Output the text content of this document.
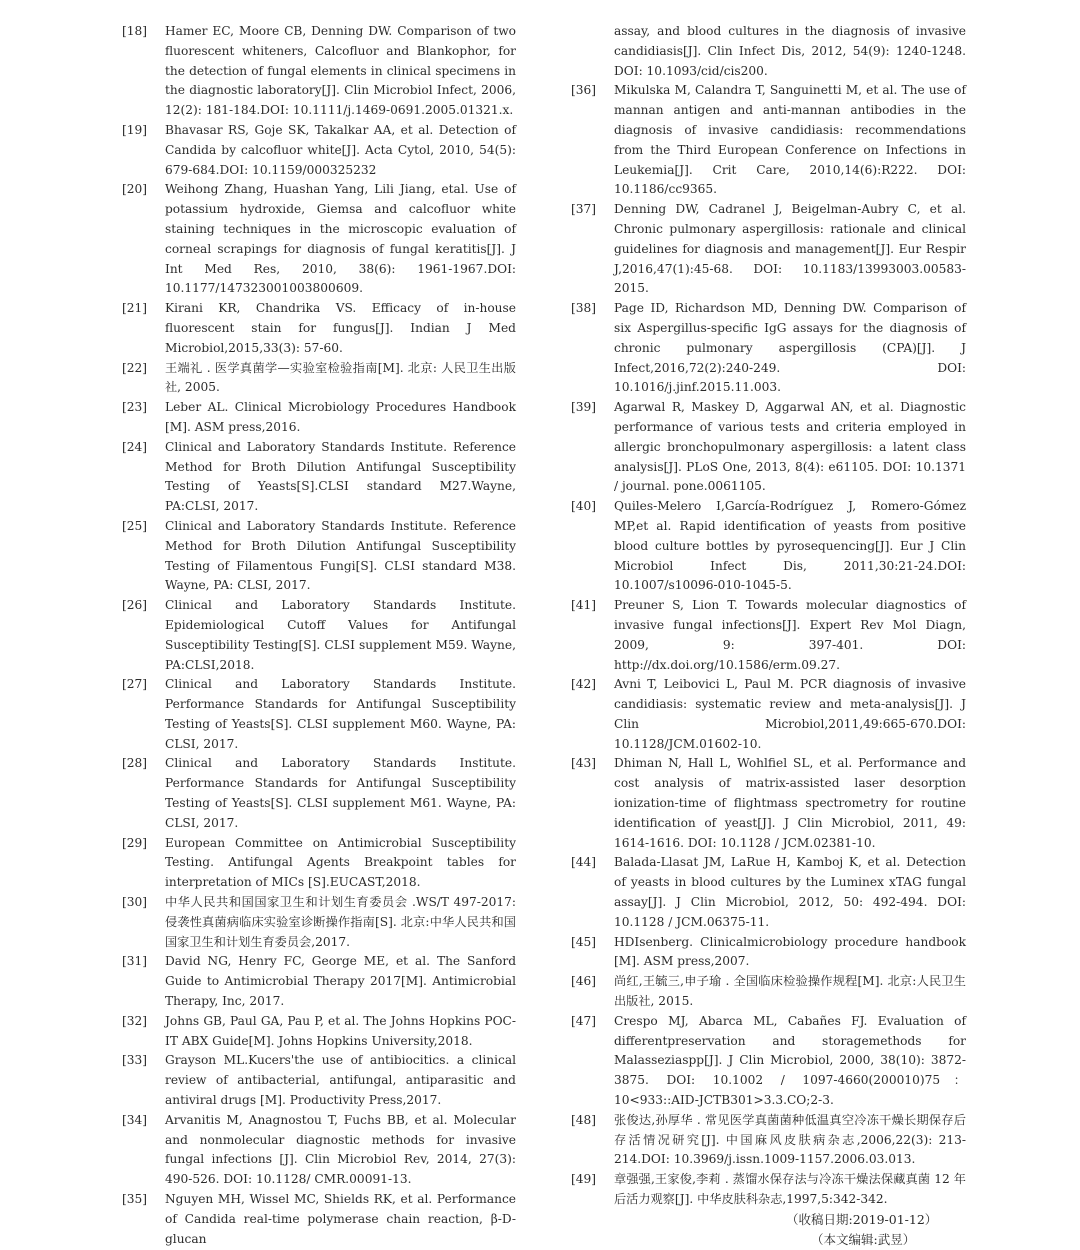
[18]	Hamer EC, Moore CB, Denning DW. Comparison of two fluorescent whiteners, Calcofluor and Blankophor, for the detection of fungal elements in clinical specimens in the diagnostic laboratory[J]. Clin Microbiol Infect, 2006, 12(2): 181-184.DOI: 10.1111/j.1469-0691.2005.01321.x.
[19]	Bhavasar RS, Goje SK, Takalkar AA, et al. Detection of Candida by calcofluor white[J]. Acta Cytol, 2010, 54(5): 679-684.DOI: 10.1159/000325232
[20]	Weihong Zhang, Huashan Yang, Lili Jiang, etal. Use of potassium hydroxide, Giemsa and calcofluor white staining techniques in the microscopic evaluation of corneal scrapings for diagnosis of fungal keratitis[J]. J Int Med Res, 2010, 38(6): 1961-1967.DOI: 10.1177/147323001003800609.
[21]	Kirani KR, Chandrika VS. Efficacy of in-house fluorescent stain for fungus[J]. Indian J Med Microbiol,2015,33(3): 57-60.
[22]	王端礼 . 医学真菌学—实验室检验指南[M]. 北京: 人民卫生出版社, 2005.
[23]	Leber AL. Clinical Microbiology Procedures Handbook [M]. ASM press,2016.
[24]	Clinical and Laboratory Standards Institute. Reference Method for Broth Dilution Antifungal Susceptibility Testing of Yeasts[S].CLSI standard M27.Wayne, PA:CLSI, 2017.
[25]	Clinical and Laboratory Standards Institute. Reference Method for Broth Dilution Antifungal Susceptibility Testing of Filamentous Fungi[S]. CLSI standard M38. Wayne, PA: CLSI, 2017.
[26]	Clinical and Laboratory Standards Institute. Epidemiological Cutoff Values for Antifungal Susceptibility Testing[S]. CLSI supplement M59. Wayne, PA:CLSI,2018.
[27]	Clinical and Laboratory Standards Institute. Performance Standards for Antifungal Susceptibility Testing of Yeasts[S]. CLSI supplement M60. Wayne, PA: CLSI, 2017.
[28]	Clinical and Laboratory Standards Institute. Performance Standards for Antifungal Susceptibility Testing of Yeasts[S]. CLSI supplement M61. Wayne, PA: CLSI, 2017.
[29]	European Committee on Antimicrobial Susceptibility Testing. Antifungal Agents Breakpoint tables for interpretation of MICs [S].EUCAST,2018.
[30]	中华人民共和国国家卫生和计划生育委员会 .WS/T 497-2017: 侵袭性真菌病临床实验室诊断操作指南[S]. 北京:中华人民共和国国家卫生和计划生育委员会,2017.
[31]	David NG, Henry FC, George ME, et al. The Sanford Guide to Antimicrobial Therapy 2017[M]. Antimicrobial Therapy, Inc, 2017.
[32]	Johns GB, Paul GA, Pau P, et al. The Johns Hopkins POC-IT ABX Guide[M]. Johns Hopkins University,2018.
[33]	Grayson ML.Kucers'the use of antibiocitics. a clinical review of antibacterial, antifungal, antiparasitic and antiviral drugs [M]. Productivity Press,2017.
[34]	Arvanitis M, Anagnostou T, Fuchs BB, et al. Molecular and nonmolecular diagnostic methods for invasive fungal infections [J]. Clin Microbiol Rev, 2014, 27(3): 490-526. DOI: 10.1128/ CMR.00091-13.
[35]	Nguyen MH, Wissel MC, Shields RK, et al. Performance of Candida real-time polymerase chain reaction, β-D-glucan
assay, and blood cultures in the diagnosis of invasive candidiasis[J]. Clin Infect Dis, 2012, 54(9): 1240-1248. DOI: 10.1093/cid/cis200.
[36]	Mikulska M, Calandra T, Sanguinetti M, et al. The use of mannan antigen and anti-mannan antibodies in the diagnosis of invasive candidiasis: recommendations from the Third European Conference on Infections in Leukemia[J]. Crit Care, 2010,14(6):R222. DOI: 10.1186/cc9365.
[37]	Denning DW, Cadranel J, Beigelman-Aubry C, et al. Chronic pulmonary aspergillosis: rationale and clinical guidelines for diagnosis and management[J]. Eur Respir J,2016,47(1):45-68. DOI: 10.1183/13993003.00583-2015.
[38]	Page ID, Richardson MD, Denning DW. Comparison of six Aspergillus-specific IgG assays for the diagnosis of chronic pulmonary aspergillosis (CPA)[J]. J Infect,2016,72(2):240-249. DOI: 10.1016/j.jinf.2015.11.003.
[39]	Agarwal R, Maskey D, Aggarwal AN, et al. Diagnostic performance of various tests and criteria employed in allergic bronchopulmonary aspergillosis: a latent class analysis[J]. PLoS One, 2013, 8(4): e61105. DOI: 10.1371 / journal. pone.0061105.
[40]	Quiles-Melero I,García-Rodríguez J, Romero-Gómez MP,et al. Rapid identification of yeasts from positive blood culture bottles by pyrosequencing[J]. Eur J Clin Microbiol Infect Dis, 2011,30:21-24.DOI: 10.1007/s10096-010-1045-5.
[41]	Preuner S, Lion T. Towards molecular diagnostics of invasive fungal infections[J]. Expert Rev Mol Diagn, 2009, 9: 397-401. DOI: http://dx.doi.org/10.1586/erm.09.27.
[42]	Avni T, Leibovici L, Paul M. PCR diagnosis of invasive candidiasis: systematic review and meta-analysis[J]. J Clin Microbiol,2011,49:665-670.DOI: 10.1128/JCM.01602-10.
[43]	Dhiman N, Hall L, Wohlfiel SL, et al. Performance and cost analysis of matrix-assisted laser desorption ionization-time of flightmass spectrometry for routine identification of yeast[J]. J Clin Microbiol, 2011, 49: 1614-1616. DOI: 10.1128 / JCM.02381-10.
[44]	Balada-Llasat JM, LaRue H, Kamboj K, et al. Detection of yeasts in blood cultures by the Luminex xTAG fungal assay[J]. J Clin Microbiol, 2012, 50: 492-494. DOI: 10.1128 / JCM.06375-11.
[45]	HDIsenberg. Clinicalmicrobiology procedure handbook [M]. ASM press,2007.
[46]	尚红,王毓三,申子瑜 . 全国临床检验操作规程[M]. 北京:人民卫生出版社, 2015.
[47]	Crespo MJ, Abarca ML, Cabañes FJ. Evaluation of differentpreservation and storagemethods for Malasseziaspp[J]. J Clin Microbiol, 2000, 38(10): 3872-3875. DOI: 10.1002 / 1097-4660(200010)75：10<933::AID-JCTB301>3.3.CO;2-3.
[48]	张俊达,孙厚华 . 常见医学真菌菌种低温真空冷冻干燥长期保存后存活情况研究[J]. 中国麻风皮肤病杂志,2006,22(3): 213-214.DOI: 10.3969/j.issn.1009-1157.2006.03.013.
[49]	章强强,王家俊,李莉 . 蒸馏水保存法与冷冻干燥法保藏真菌 12 年后活力观察[J]. 中华皮肤科杂志,1997,5:342-342.
（收稿日期:2019-01-12）
（本文编辑:武昱）
